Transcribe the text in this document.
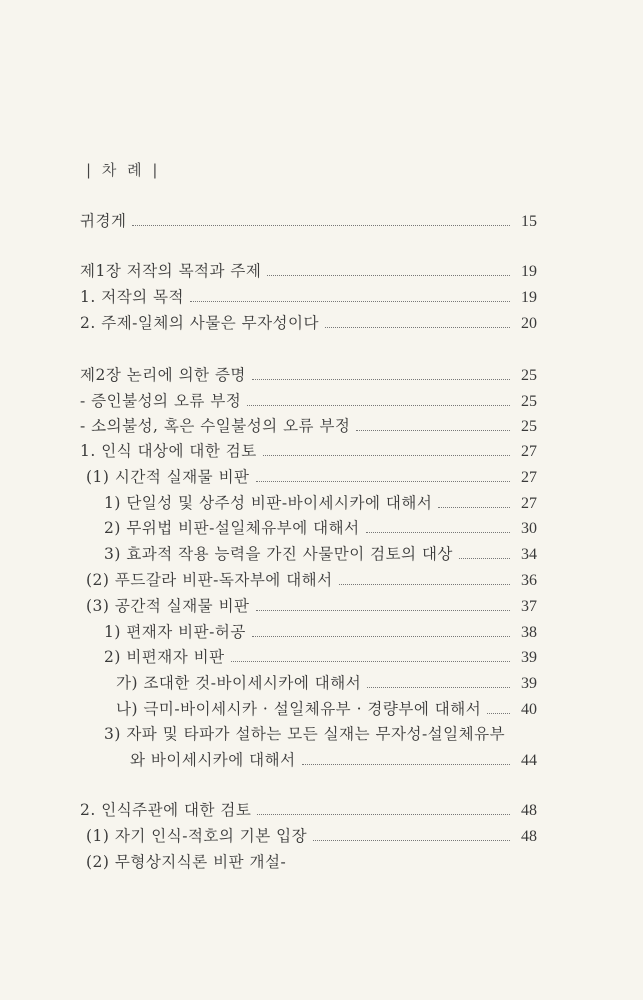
| 차 례 |
귀경게	15
제1장 저작의 목적과 주제	19
1. 저작의 목적	19
2. 주제-일체의 사물은 무자성이다	20
제2장 논리에 의한 증명	25
- 증인불성의 오류 부정	25
- 소의불성, 혹은 수일불성의 오류 부정	25
1. 인식 대상에 대한 검토	27
(1) 시간적 실재물 비판	27
1) 단일성 및 상주성 비판-바이세시카에 대해서	27
2) 무위법 비판-설일체유부에 대해서	30
3) 효과적 작용 능력을 가진 사물만이 검토의 대상	34
(2) 푸드갈라 비판-독자부에 대해서	36
(3) 공간적 실재물 비판	37
1) 편재자 비판-허공	38
2) 비편재자 비판	39
가) 조대한 것-바이세시카에 대해서	39
나) 극미-바이세시카 · 설일체유부 · 경량부에 대해서	40
3) 자파 및 타파가 설하는 모든 실재는 무자성-설일체유부
와 바이세시카에 대해서	44
2. 인식주관에 대한 검토	48
(1) 자기 인식-적호의 기본 입장	48
(2) 무형상지식론 비판 개설-
